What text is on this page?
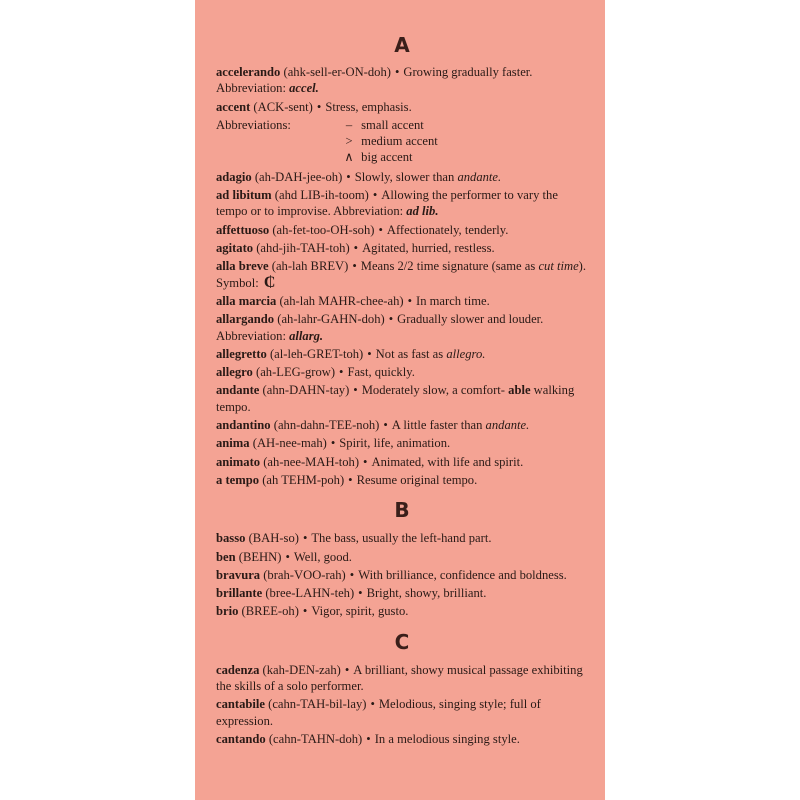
A
accelerando (ahk-sell-er-ON-doh) • Growing gradually faster. Abbreviation: accel.
accent (ACK-sent) • Stress, emphasis.
Abbreviations:	– small accent
> medium accent
∧ big accent
adagio (ah-DAH-jee-oh) • Slowly, slower than andante.
ad libitum (ahd LIB-ih-toom) • Allowing the performer to vary the tempo or to improvise. Abbreviation: ad lib.
affettuoso (ah-fet-too-OH-soh) • Affectionately, tenderly.
agitato (ahd-jih-TAH-toh) • Agitated, hurried, restless.
alla breve (ah-lah BREV) • Means 2/2 time signature (same as cut time). Symbol: ₵
alla marcia (ah-lah MAHR-chee-ah) • In march time.
allargando (ah-lahr-GAHN-doh) • Gradually slower and louder. Abbreviation: allarg.
allegretto (al-leh-GRET-toh) • Not as fast as allegro.
allegro (ah-LEG-grow) • Fast, quickly.
andante (ahn-DAHN-tay) • Moderately slow, a comfort- able walking tempo.
andantino (ahn-dahn-TEE-noh) • A little faster than andante.
anima (AH-nee-mah) • Spirit, life, animation.
animato (ah-nee-MAH-toh) • Animated, with life and spirit.
a tempo (ah TEHM-poh) • Resume original tempo.
B
basso (BAH-so) • The bass, usually the left-hand part.
ben (BEHN) • Well, good.
bravura (brah-VOO-rah) • With brilliance, confidence and boldness.
brillante (bree-LAHN-teh) • Bright, showy, brilliant.
brio (BREE-oh) • Vigor, spirit, gusto.
C
cadenza (kah-DEN-zah) • A brilliant, showy musical passage exhibiting the skills of a solo performer.
cantabile (cahn-TAH-bil-lay) • Melodious, singing style; full of expression.
cantando (cahn-TAHN-doh) • In a melodious singing style.
